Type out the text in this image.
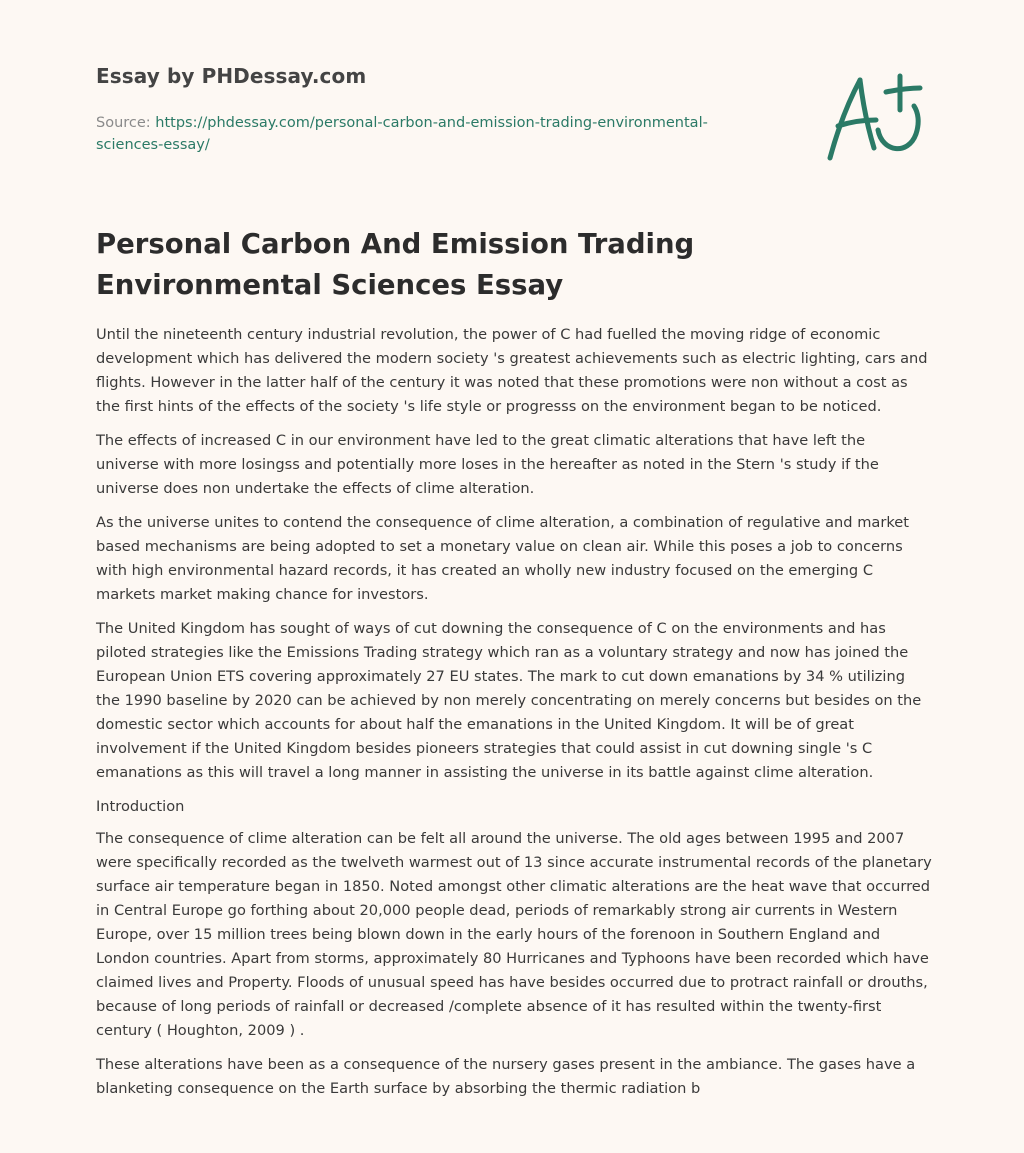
Essay by PHDessay.com
Source: https://phdessay.com/personal-carbon-and-emission-trading-environmental-
sciences-essay/
Personal Carbon And Emission Trading Environmental Sciences Essay

Until the nineteenth century industrial revolution, the power of C had fuelled the moving ridge of economic development which has delivered the modern society 's greatest achievements such as electric lighting, cars and flights. However in the latter half of the century it was noted that these promotions were non without a cost as the first hints of the effects of the society 's life style or progresss on the environment began to be noticed.

The effects of increased C in our environment have led to the great climatic alterations that have left the universe with more losingss and potentially more loses in the hereafter as noted in the Stern 's study if the universe does non undertake the effects of clime alteration.

As the universe unites to contend the consequence of clime alteration, a combination of regulative and market based mechanisms are being adopted to set a monetary value on clean air. While this poses a job to concerns with high environmental hazard records, it has created an wholly new industry focused on the emerging C markets market making chance for investors.

The United Kingdom has sought of ways of cut downing the consequence of C on the environments and has piloted strategies like the Emissions Trading strategy which ran as a voluntary strategy and now has joined the European Union ETS covering approximately 27 EU states. The mark to cut down emanations by 34 % utilizing the 1990 baseline by 2020 can be achieved by non merely concentrating on merely concerns but besides on the domestic sector which accounts for about half the emanations in the United Kingdom. It will be of great involvement if the United Kingdom besides pioneers strategies that could assist in cut downing single 's C emanations as this will travel a long manner in assisting the universe in its battle against clime alteration.

Introduction

The consequence of clime alteration can be felt all around the universe. The old ages between 1995 and 2007 were specifically recorded as the twelveth warmest out of 13 since accurate instrumental records of the planetary surface air temperature began in 1850. Noted amongst other climatic alterations are the heat wave that occurred in Central Europe go forthing about 20,000 people dead, periods of remarkably strong air currents in Western Europe, over 15 million trees being blown down in the early hours of the forenoon in Southern England and London countries. Apart from storms, approximately 80 Hurricanes and Typhoons have been recorded which have claimed lives and Property. Floods of unusual speed has have besides occurred due to protract rainfall or drouths, because of long periods of rainfall or decreased /complete absence of it has resulted within the twenty-first century ( Houghton, 2009 ) .

These alterations have been as a consequence of the nursery gases present in the ambiance. The gases have a blanketing consequence on the Earth surface by absorbing the thermic radiation b
